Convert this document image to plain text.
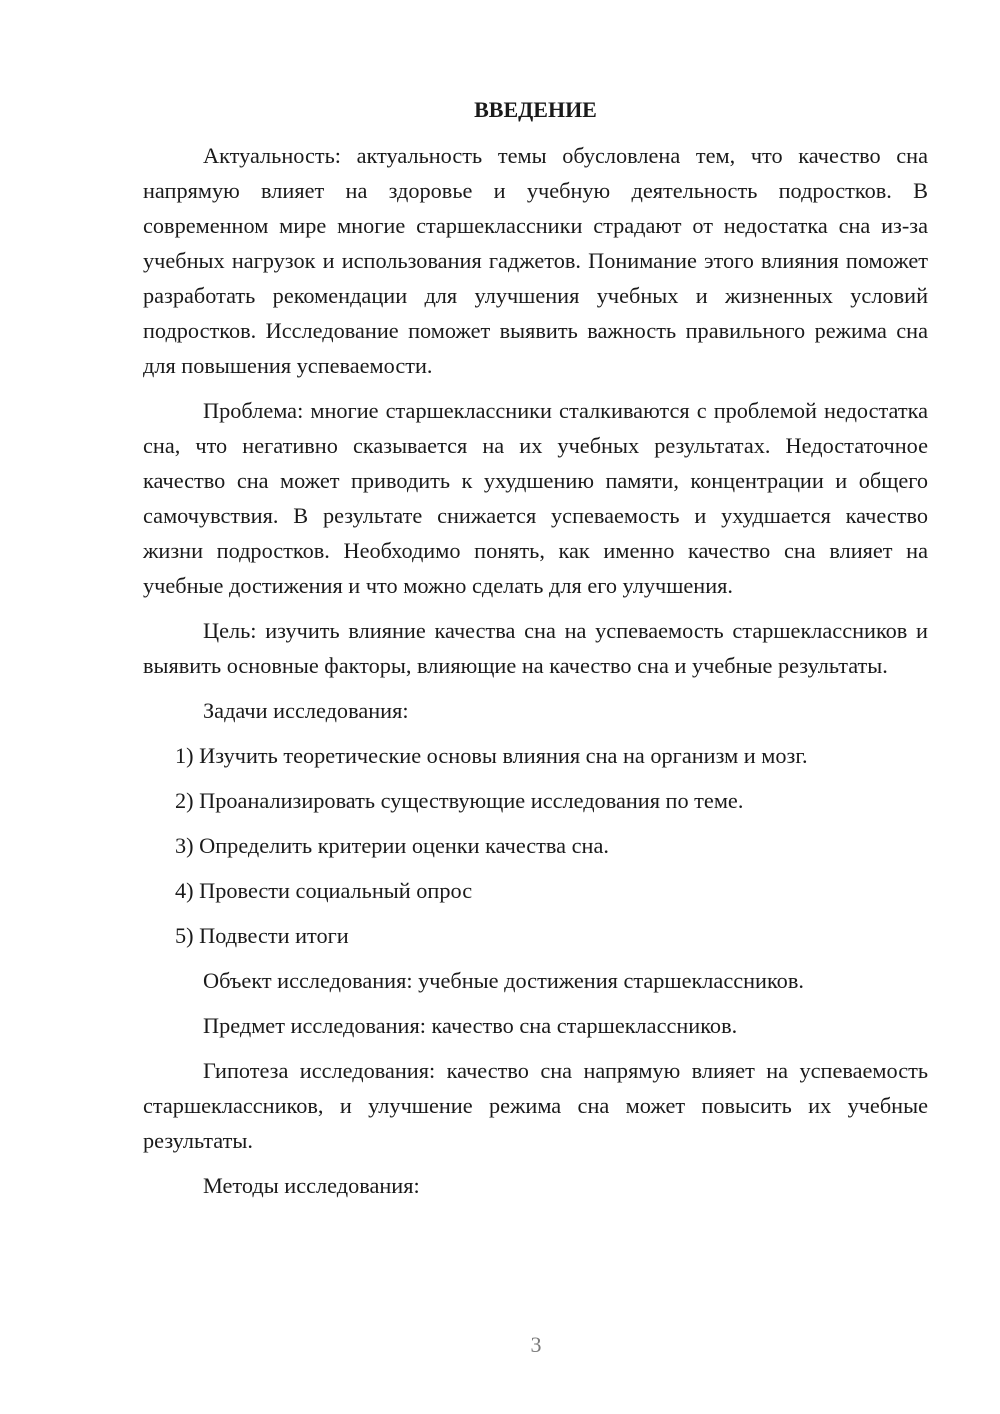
ВВЕДЕНИЕ

Актуальность: актуальность темы обусловлена тем, что качество сна напрямую влияет на здоровье и учебную деятельность подростков. В современном мире многие старшеклассники страдают от недостатка сна из-за учебных нагрузок и использования гаджетов. Понимание этого влияния поможет разработать рекомендации для улучшения учебных и жизненных условий подростков. Исследование поможет выявить важность правильного режима сна для повышения успеваемости.

Проблема: многие старшеклассники сталкиваются с проблемой недостатка сна, что негативно сказывается на их учебных результатах. Недостаточное качество сна может приводить к ухудшению памяти, концентрации и общего самочувствия. В результате снижается успеваемость и ухудшается качество жизни подростков. Необходимо понять, как именно качество сна влияет на учебные достижения и что можно сделать для его улучшения.

Цель: изучить влияние качества сна на успеваемость старшеклассников и выявить основные факторы, влияющие на качество сна и учебные результаты.

Задачи исследования:

1) Изучить теоретические основы влияния сна на организм и мозг.
2) Проанализировать существующие исследования по теме.
3) Определить критерии оценки качества сна.
4) Провести социальный опрос
5) Подвести итоги

Объект исследования: учебные достижения старшеклассников.

Предмет исследования: качество сна старшеклассников.

Гипотеза исследования: качество сна напрямую влияет на успеваемость старшеклассников, и улучшение режима сна может повысить их учебные результаты.

Методы исследования:

3
